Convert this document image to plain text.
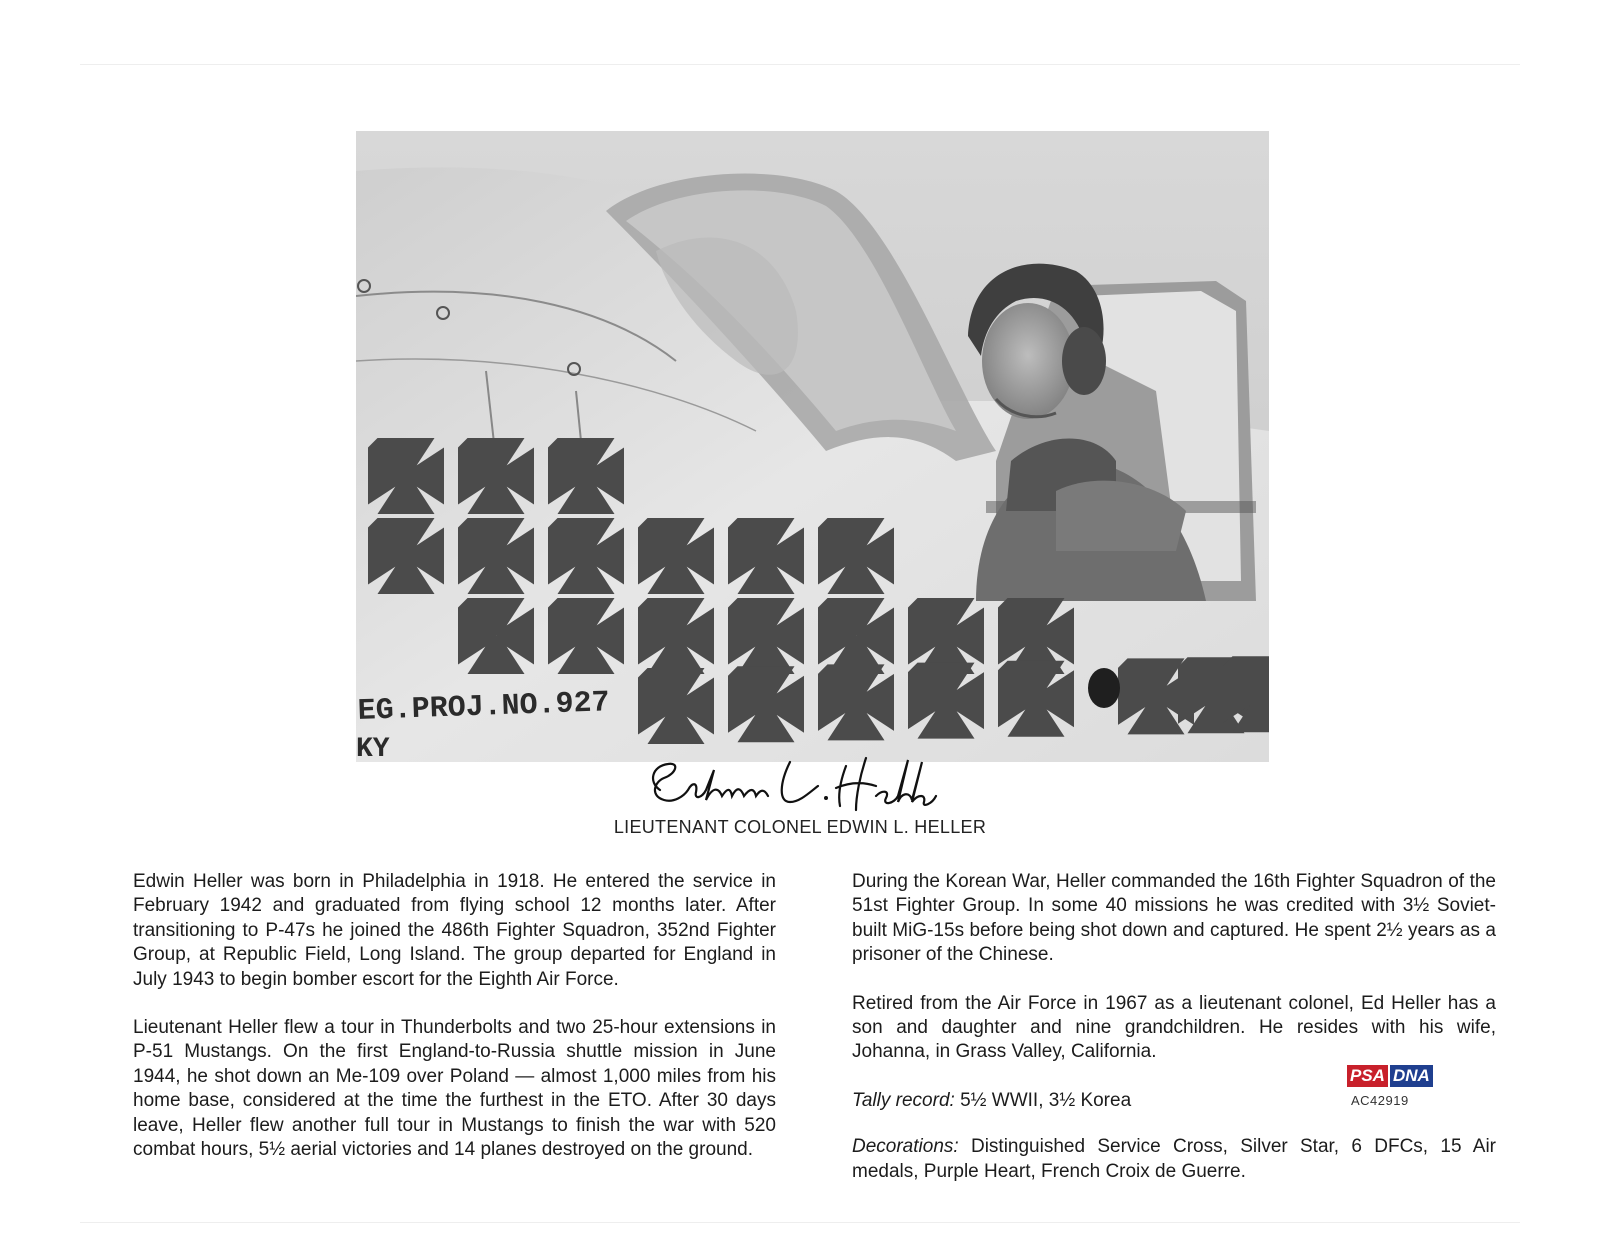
EG.PROJ.NO.927
KY
LIEUTENANT COLONEL EDWIN L. HELLER

Edwin Heller was born in Philadelphia in 1918. He entered the service in February 1942 and graduated from flying school 12 months later. After transitioning to P-47s he joined the 486th Fighter Squadron, 352nd Fighter Group, at Republic Field, Long Island. The group departed for England in July 1943 to begin bomber escort for the Eighth Air Force.

Lieutenant Heller flew a tour in Thunderbolts and two 25-hour extensions in P-51 Mustangs. On the first England-to-Russia shuttle mission in June 1944, he shot down an Me-109 over Poland — almost 1,000 miles from his home base, considered at the time the furthest in the ETO. After 30 days leave, Heller flew another full tour in Mustangs to finish the war with 520 combat hours, 5½ aerial victories and 14 planes destroyed on the ground.

During the Korean War, Heller commanded the 16th Fighter Squadron of the 51st Fighter Group. In some 40 missions he was credited with 3½ Soviet-built MiG-15s before being shot down and captured. He spent 2½ years as a prisoner of the Chinese.

Retired from the Air Force in 1967 as a lieutenant colonel, Ed Heller has a son and daughter and nine grandchildren. He resides with his wife, Johanna, in Grass Valley, California.

Tally record: 5½ WWII, 3½ Korea

Decorations: Distinguished Service Cross, Silver Star, 6 DFCs, 15 Air medals, Purple Heart, French Croix de Guerre.

PSA DNA
AC42919
